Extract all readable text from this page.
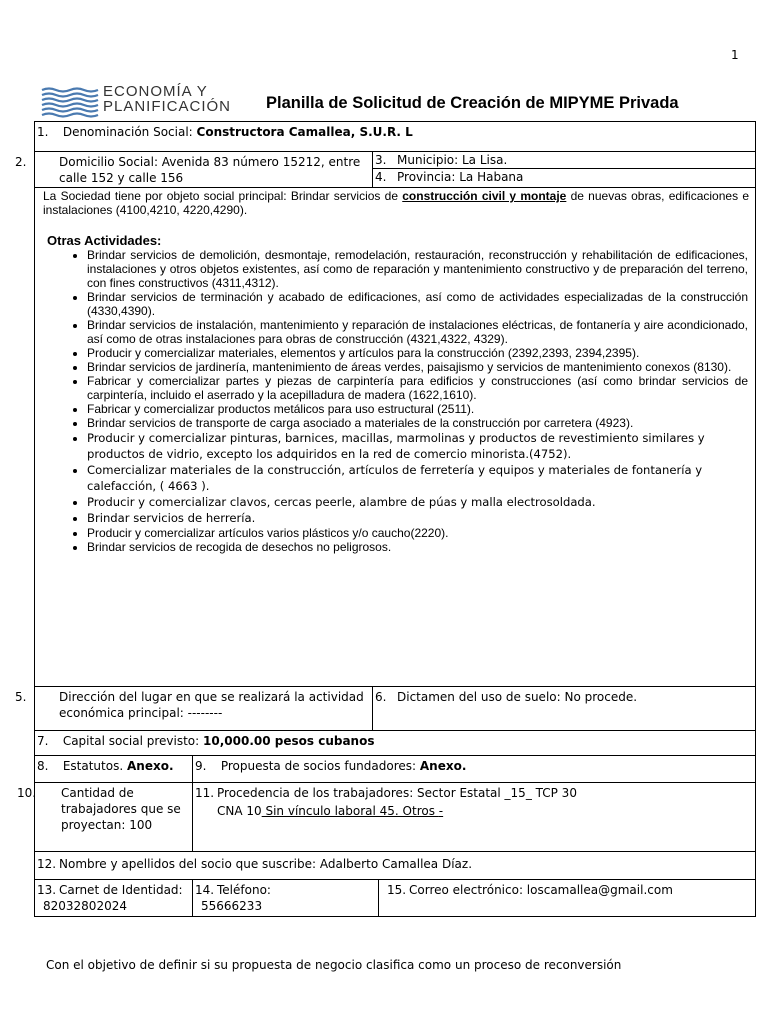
1
ECONOMÍA Y
PLANIFICACIÓN Planilla de Solicitud de Creación de MIPYME Privada
1. Denominación Social: Constructora Camallea, S.U.R. L
2.	Domicilio Social: Avenida 83 número 15212, entre calle 152 y calle 156
3. Municipio: La Lisa.
4. Provincia: La Habana
La Sociedad tiene por objeto social principal: Brindar servicios de construcción civil y montaje de nuevas obras, edificaciones e instalaciones (4100,4210, 4220,4290).
Otras Actividades:
• Brindar servicios de demolición, desmontaje, remodelación, restauración, reconstrucción y rehabilitación de edificaciones, instalaciones y otros objetos existentes, así como de reparación y mantenimiento constructivo y de preparación del terreno, con fines constructivos (4311,4312).
• Brindar servicios de terminación y acabado de edificaciones, así como de actividades especializadas de la construcción (4330,4390).
• Brindar servicios de instalación, mantenimiento y reparación de instalaciones eléctricas, de fontanería y aire acondicionado, así como de otras instalaciones para obras de construcción (4321,4322, 4329).
• Producir y comercializar materiales, elementos y artículos para la construcción (2392,2393, 2394,2395).
• Brindar servicios de jardinería, mantenimiento de áreas verdes, paisajismo y servicios de mantenimiento conexos (8130).
• Fabricar y comercializar partes y piezas de carpintería para edificios y construcciones (así como brindar servicios de carpintería, incluido el aserrado y la acepilladura de madera (1622,1610).
• Fabricar y comercializar productos metálicos para uso estructural (2511).
• Brindar servicios de transporte de carga asociado a materiales de la construcción por carretera (4923).
• Producir y comercializar pinturas, barnices, macillas, marmolinas y productos de revestimiento similares y productos de vidrio, excepto los adquiridos en la red de comercio minorista.(4752).
• Comercializar materiales de la construcción, artículos de ferretería y equipos y materiales de fontanería y calefacción, ( 4663 ).
• Producir y comercializar clavos, cercas peerle, alambre de púas y malla electrosoldada.
• Brindar servicios de herrería.
• Producir y comercializar artículos varios plásticos y/o caucho(2220).
• Brindar servicios de recogida de desechos no peligrosos.
5.	Dirección del lugar en que se realizará la actividad económica principal: --------
6. Dictamen del uso de suelo: No procede.
7. Capital social previsto: 10,000.00 pesos cubanos
8. Estatutos. Anexo.	9. Propuesta de socios fundadores: Anexo.
10. Cantidad de trabajadores que se proyectan: 100
11. Procedencia de los trabajadores: Sector Estatal _15_ TCP 30
CNA 10 Sin vínculo laboral 45. Otros -
12. Nombre y apellidos del socio que suscribe: Adalberto Camallea Díaz.
13. Carnet de Identidad:
82032802024
14. Teléfono:
55666233
15. Correo electrónico: loscamallea@gmail.com
Con el objetivo de definir si su propuesta de negocio clasifica como un proceso de reconversión
